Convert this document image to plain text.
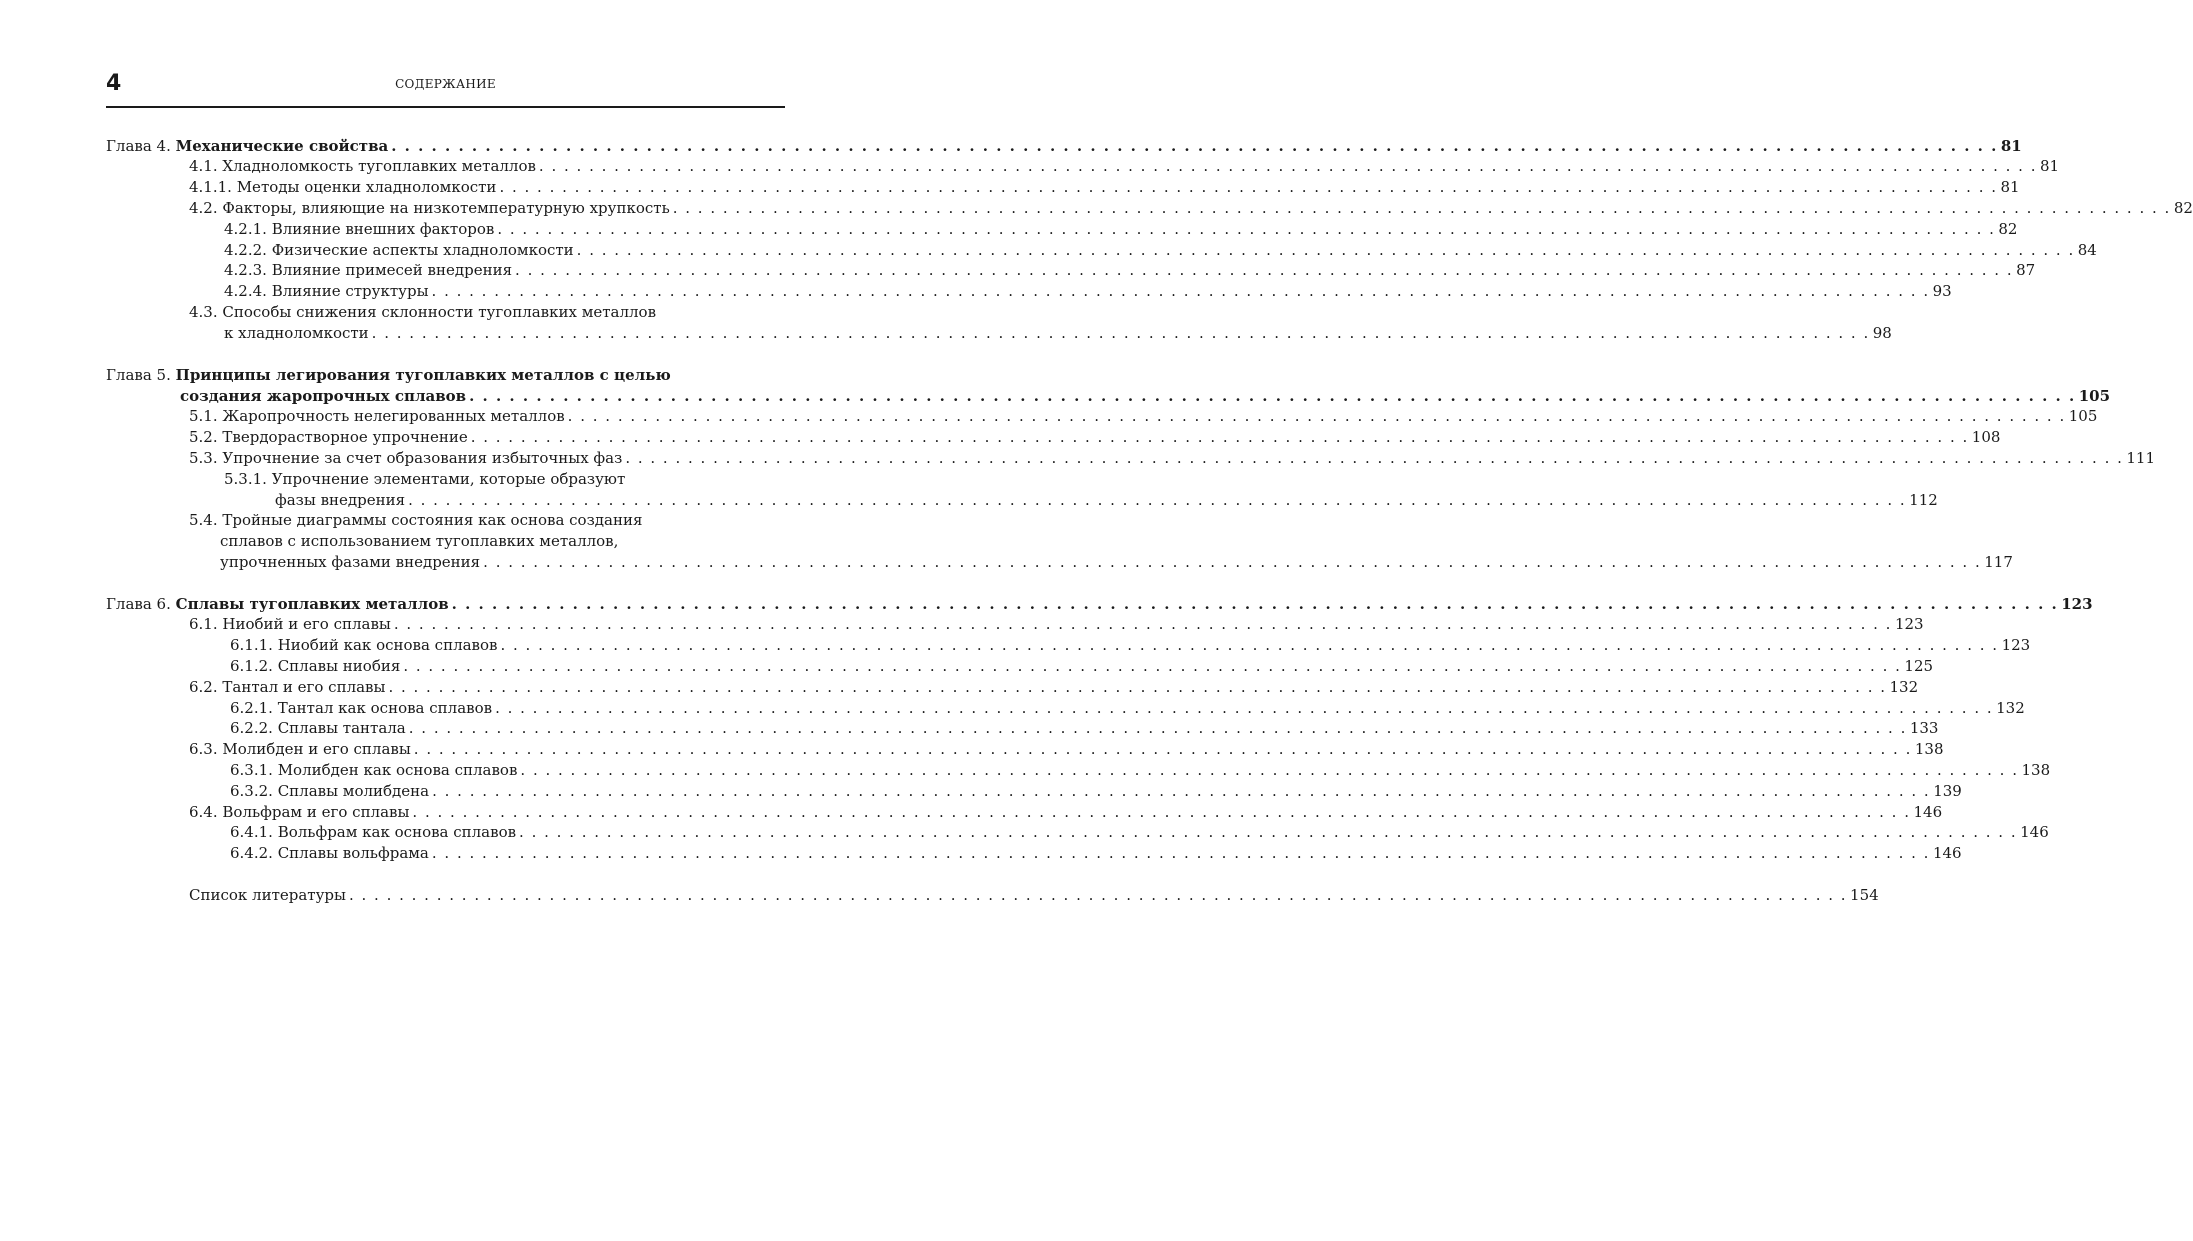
4	СОДЕРЖАНИЕ
Глава 4. Механические свойства . . . . . . . . . . . . . . . . . . . . . . . . . . . . . . . . . . . . . . . . . . . . . . . . . . . . . . . . . . . . . . . . . . . . . . . . . . . . . . . . . . . . . . . . . . . . . . . . . . . . . . . . . . . . . . . . . . . . . . . . 81
4.1. Хладноломкость тугоплавких металлов . . . . . . . . . . . . . . . . . . . . . . . . . . . . . . . . . . . . . . . . . . . . . . . . . . . . . . . . . . . . . . . . . . . . . . . . . . . . . . . . . . . . . . . . . . . . . . . . . . . . . . . . . . . . . . . . . . . . . . . . 81
4.1.1. Методы оценки хладноломкости . . . . . . . . . . . . . . . . . . . . . . . . . . . . . . . . . . . . . . . . . . . . . . . . . . . . . . . . . . . . . . . . . . . . . . . . . . . . . . . . . . . . . . . . . . . . . . . . . . . . . . . . . . . . . . . . . . . . . . . . 81
4.2. Факторы, влияющие на низкотемпературную хрупкость . . . . . . . . . . . . . . . . . . . . . . . . . . . . . . . . . . . . . . . . . . . . . . . . . . . . . . . . . . . . . . . . . . . . . . . . . . . . . . . . . . . . . . . . . . . . . . . . . . . . . . . . . . . . . . . . . . . . . . . . 82
4.2.1. Влияние внешних факторов . . . . . . . . . . . . . . . . . . . . . . . . . . . . . . . . . . . . . . . . . . . . . . . . . . . . . . . . . . . . . . . . . . . . . . . . . . . . . . . . . . . . . . . . . . . . . . . . . . . . . . . . . . . . . . . . . . . . . . . . 82
4.2.2. Физические аспекты хладноломкости . . . . . . . . . . . . . . . . . . . . . . . . . . . . . . . . . . . . . . . . . . . . . . . . . . . . . . . . . . . . . . . . . . . . . . . . . . . . . . . . . . . . . . . . . . . . . . . . . . . . . . . . . . . . . . . . . . . . . . . . 84
4.2.3. Влияние примесей внедрения . . . . . . . . . . . . . . . . . . . . . . . . . . . . . . . . . . . . . . . . . . . . . . . . . . . . . . . . . . . . . . . . . . . . . . . . . . . . . . . . . . . . . . . . . . . . . . . . . . . . . . . . . . . . . . . . . . . . . . . . 87
4.2.4. Влияние структуры . . . . . . . . . . . . . . . . . . . . . . . . . . . . . . . . . . . . . . . . . . . . . . . . . . . . . . . . . . . . . . . . . . . . . . . . . . . . . . . . . . . . . . . . . . . . . . . . . . . . . . . . . . . . . . . . . . . . . . . . 93
4.3. Способы снижения склонности тугоплавких металлов
к хладноломкости . . . . . . . . . . . . . . . . . . . . . . . . . . . . . . . . . . . . . . . . . . . . . . . . . . . . . . . . . . . . . . . . . . . . . . . . . . . . . . . . . . . . . . . . . . . . . . . . . . . . . . . . . . . . . . . . . . . . . . . . 98
Глава 5. Принципы легирования тугоплавких металлов с целью
создания жаропрочных сплавов . . . . . . . . . . . . . . . . . . . . . . . . . . . . . . . . . . . . . . . . . . . . . . . . . . . . . . . . . . . . . . . . . . . . . . . . . . . . . . . . . . . . . . . . . . . . . . . . . . . . . . . . . . . . . . . . . . . . . . . . 105
5.1. Жаропрочность нелегированных металлов . . . . . . . . . . . . . . . . . . . . . . . . . . . . . . . . . . . . . . . . . . . . . . . . . . . . . . . . . . . . . . . . . . . . . . . . . . . . . . . . . . . . . . . . . . . . . . . . . . . . . . . . . . . . . . . . . . . . . . . . 105
5.2. Твердорастворное упрочнение . . . . . . . . . . . . . . . . . . . . . . . . . . . . . . . . . . . . . . . . . . . . . . . . . . . . . . . . . . . . . . . . . . . . . . . . . . . . . . . . . . . . . . . . . . . . . . . . . . . . . . . . . . . . . . . . . . . . . . . . 108
5.3. Упрочнение за счет образования избыточных фаз . . . . . . . . . . . . . . . . . . . . . . . . . . . . . . . . . . . . . . . . . . . . . . . . . . . . . . . . . . . . . . . . . . . . . . . . . . . . . . . . . . . . . . . . . . . . . . . . . . . . . . . . . . . . . . . . . . . . . . . . 111
5.3.1. Упрочнение элементами, которые образуют
фазы внедрения . . . . . . . . . . . . . . . . . . . . . . . . . . . . . . . . . . . . . . . . . . . . . . . . . . . . . . . . . . . . . . . . . . . . . . . . . . . . . . . . . . . . . . . . . . . . . . . . . . . . . . . . . . . . . . . . . . . . . . . . 112
5.4. Тройные диаграммы состояния как основа создания
сплавов с использованием тугоплавких металлов,
упрочненных фазами внедрения . . . . . . . . . . . . . . . . . . . . . . . . . . . . . . . . . . . . . . . . . . . . . . . . . . . . . . . . . . . . . . . . . . . . . . . . . . . . . . . . . . . . . . . . . . . . . . . . . . . . . . . . . . . . . . . . . . . . . . . . 117
Глава 6. Сплавы тугоплавких металлов . . . . . . . . . . . . . . . . . . . . . . . . . . . . . . . . . . . . . . . . . . . . . . . . . . . . . . . . . . . . . . . . . . . . . . . . . . . . . . . . . . . . . . . . . . . . . . . . . . . . . . . . . . . . . . . . . . . . . . . . 123
6.1. Ниобий и его сплавы . . . . . . . . . . . . . . . . . . . . . . . . . . . . . . . . . . . . . . . . . . . . . . . . . . . . . . . . . . . . . . . . . . . . . . . . . . . . . . . . . . . . . . . . . . . . . . . . . . . . . . . . . . . . . . . . . . . . . . . . 123
6.1.1. Ниобий как основа сплавов . . . . . . . . . . . . . . . . . . . . . . . . . . . . . . . . . . . . . . . . . . . . . . . . . . . . . . . . . . . . . . . . . . . . . . . . . . . . . . . . . . . . . . . . . . . . . . . . . . . . . . . . . . . . . . . . . . . . . . . . 123
6.1.2. Сплавы ниобия . . . . . . . . . . . . . . . . . . . . . . . . . . . . . . . . . . . . . . . . . . . . . . . . . . . . . . . . . . . . . . . . . . . . . . . . . . . . . . . . . . . . . . . . . . . . . . . . . . . . . . . . . . . . . . . . . . . . . . . . 125
6.2. Тантал и его сплавы . . . . . . . . . . . . . . . . . . . . . . . . . . . . . . . . . . . . . . . . . . . . . . . . . . . . . . . . . . . . . . . . . . . . . . . . . . . . . . . . . . . . . . . . . . . . . . . . . . . . . . . . . . . . . . . . . . . . . . . . 132
6.2.1. Тантал как основа сплавов . . . . . . . . . . . . . . . . . . . . . . . . . . . . . . . . . . . . . . . . . . . . . . . . . . . . . . . . . . . . . . . . . . . . . . . . . . . . . . . . . . . . . . . . . . . . . . . . . . . . . . . . . . . . . . . . . . . . . . . . 132
6.2.2. Сплавы тантала . . . . . . . . . . . . . . . . . . . . . . . . . . . . . . . . . . . . . . . . . . . . . . . . . . . . . . . . . . . . . . . . . . . . . . . . . . . . . . . . . . . . . . . . . . . . . . . . . . . . . . . . . . . . . . . . . . . . . . . . 133
6.3. Молибден и его сплавы . . . . . . . . . . . . . . . . . . . . . . . . . . . . . . . . . . . . . . . . . . . . . . . . . . . . . . . . . . . . . . . . . . . . . . . . . . . . . . . . . . . . . . . . . . . . . . . . . . . . . . . . . . . . . . . . . . . . . . . . 138
6.3.1. Молибден как основа сплавов . . . . . . . . . . . . . . . . . . . . . . . . . . . . . . . . . . . . . . . . . . . . . . . . . . . . . . . . . . . . . . . . . . . . . . . . . . . . . . . . . . . . . . . . . . . . . . . . . . . . . . . . . . . . . . . . . . . . . . . . 138
6.3.2. Сплавы молибдена . . . . . . . . . . . . . . . . . . . . . . . . . . . . . . . . . . . . . . . . . . . . . . . . . . . . . . . . . . . . . . . . . . . . . . . . . . . . . . . . . . . . . . . . . . . . . . . . . . . . . . . . . . . . . . . . . . . . . . . . 139
6.4. Вольфрам и его сплавы . . . . . . . . . . . . . . . . . . . . . . . . . . . . . . . . . . . . . . . . . . . . . . . . . . . . . . . . . . . . . . . . . . . . . . . . . . . . . . . . . . . . . . . . . . . . . . . . . . . . . . . . . . . . . . . . . . . . . . . . 146
6.4.1. Вольфрам как основа сплавов . . . . . . . . . . . . . . . . . . . . . . . . . . . . . . . . . . . . . . . . . . . . . . . . . . . . . . . . . . . . . . . . . . . . . . . . . . . . . . . . . . . . . . . . . . . . . . . . . . . . . . . . . . . . . . . . . . . . . . . . 146
6.4.2. Сплавы вольфрама . . . . . . . . . . . . . . . . . . . . . . . . . . . . . . . . . . . . . . . . . . . . . . . . . . . . . . . . . . . . . . . . . . . . . . . . . . . . . . . . . . . . . . . . . . . . . . . . . . . . . . . . . . . . . . . . . . . . . . . . 146
Список литературы . . . . . . . . . . . . . . . . . . . . . . . . . . . . . . . . . . . . . . . . . . . . . . . . . . . . . . . . . . . . . . . . . . . . . . . . . . . . . . . . . . . . . . . . . . . . . . . . . . . . . . . . . . . . . . . . . . . . . . . . 154
